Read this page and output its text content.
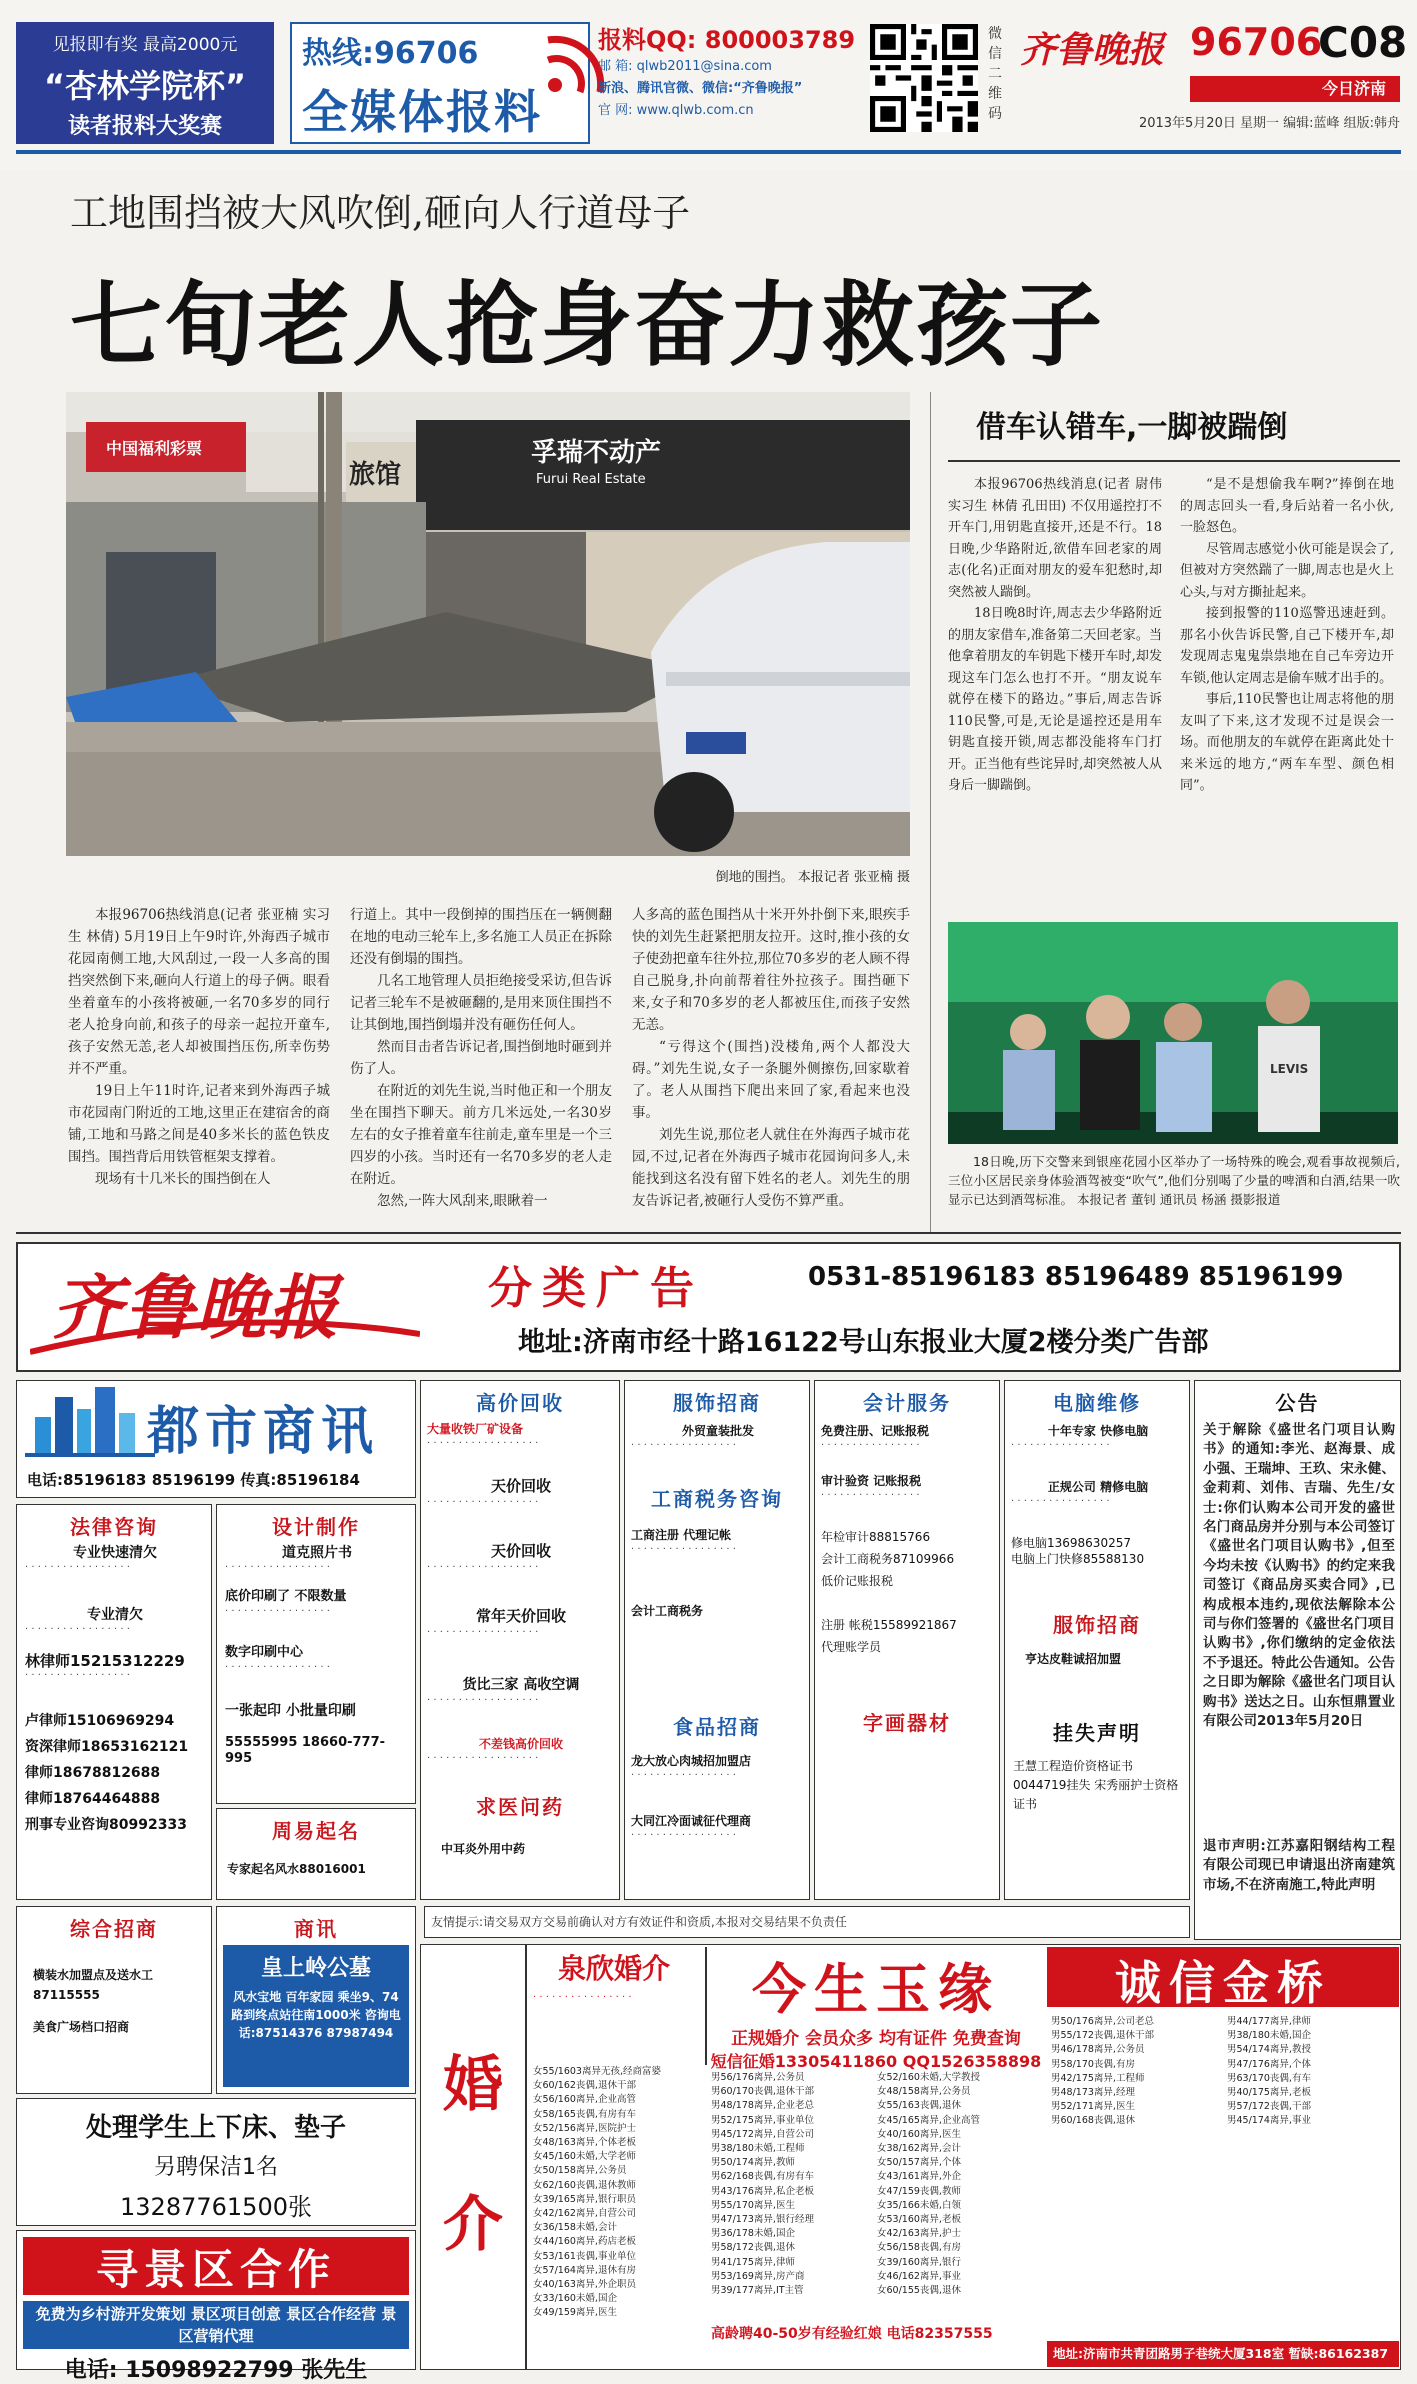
见报即有奖 最高2000元
“杏林学院杯”
读者报料大奖赛
热线:96706
全媒体报料
报料QQ: 800003789
邮 箱: qlwb2011@sina.com
新浪、腾讯官微、微信:“齐鲁晚报”
官 网: www.qlwb.com.cn
微信二维码
齐鲁晚报 96706
C08
今日济南
2013年5月20日 星期一 编辑:蓝峰 组版:韩舟
工地围挡被大风吹倒,砸向人行道母子
七旬老人抢身奋力救孩子
中国福利彩票
旅馆
孚瑞不动产
Furui Real Estate
倒地的围挡。 本报记者 张亚楠 摄

本报96706热线消息(记者 张亚楠 实习生 林倩) 5月19日上午9时许,外海西子城市花园南侧工地,大风刮过,一段一人多高的围挡突然倒下来,砸向人行道上的母子俩。眼看坐着童车的小孩将被砸,一名70多岁的同行老人抢身向前,和孩子的母亲一起拉开童车,孩子安然无恙,老人却被围挡压伤,所幸伤势并不严重。

19日上午11时许,记者来到外海西子城市花园南门附近的工地,这里正在建宿舍的商铺,工地和马路之间是40多米长的蓝色铁皮围挡。围挡背后用铁管框架支撑着。

现场有十几米长的围挡倒在人

行道上。其中一段倒掉的围挡压在一辆侧翻在地的电动三轮车上,多名施工人员正在拆除还没有倒塌的围挡。

几名工地管理人员拒绝接受采访,但告诉记者三轮车不是被砸翻的,是用来顶住围挡不让其倒地,围挡倒塌并没有砸伤任何人。

然而目击者告诉记者,围挡倒地时砸到并伤了人。

在附近的刘先生说,当时他正和一个朋友坐在围挡下聊天。前方几米远处,一名30岁左右的女子推着童车往前走,童车里是一个三四岁的小孩。当时还有一名70多岁的老人走在附近。

忽然,一阵大风刮来,眼瞅着一

人多高的蓝色围挡从十米开外扑倒下来,眼疾手快的刘先生赶紧把朋友拉开。这时,推小孩的女子使劲把童车往外拉,那位70多岁的老人顾不得自己脱身,扑向前帮着往外拉孩子。围挡砸下来,女子和70多岁的老人都被压住,而孩子安然无恙。

“亏得这个(围挡)没楼角,两个人都没大碍。”刘先生说,女子一条腿外侧擦伤,回家歇着了。老人从围挡下爬出来回了家,看起来也没事。

刘先生说,那位老人就住在外海西子城市花园,不过,记者在外海西子城市花园询问多人,未能找到这名没有留下姓名的老人。刘先生的朋友告诉记者,被砸行人受伤不算严重。

借车认错车,一脚被踹倒

本报96706热线消息(记者 尉伟 实习生 林倩 孔田田) 不仅用遥控打不开车门,用钥匙直接开,还是不行。18日晚,少华路附近,欲借车回老家的周志(化名)正面对朋友的爱车犯愁时,却突然被人踹倒。

18日晚8时许,周志去少华路附近的朋友家借车,准备第二天回老家。当他拿着朋友的车钥匙下楼开车时,却发现这车门怎么也打不开。“朋友说车就停在楼下的路边。”事后,周志告诉110民警,可是,无论是遥控还是用车钥匙直接开锁,周志都没能将车门打开。正当他有些诧异时,却突然被人从身后一脚踹倒。

“是不是想偷我车啊?”捧倒在地的周志回头一看,身后站着一名小伙,一脸怒色。

尽管周志感觉小伙可能是误会了,但被对方突然踹了一脚,周志也是火上心头,与对方撕扯起来。

接到报警的110巡警迅速赶到。那名小伙告诉民警,自己下楼开车,却发现周志鬼鬼祟祟地在自己车旁边开车锁,他认定周志是偷车贼才出手的。

事后,110民警也让周志将他的朋友叫了下来,这才发现不过是误会一场。而他朋友的车就停在距离此处十来米远的地方,“两车车型、颜色相同”。

LEVIS
18日晚,历下交警来到银座花园小区举办了一场特殊的晚会,观看事故视频后,三位小区居民亲身体验酒驾被变“吹气”,他们分别喝了少量的啤酒和白酒,结果一吹显示已达到酒驾标准。 本报记者 董钊 通讯员 杨涵 摄影报道
齐鲁晚报	分类广告	0531-85196183 85196489 85196199
地址:济南市经十路16122号山东报业大厦2楼分类广告部
都市商讯
电话:85196183 85196199 传真:85196184
法律咨询
专业快速清欠
· · · · · · · · · · · · · · · · ·
专业清欠
· · · · · · · · · · · · · · · · ·
林律师15215312229
· · · · · · · · · · · · · · · · ·
卢律师15106969294
资深律师18653162121
律师18678812688
律师18764464888
刑事专业咨询80992333
设计制作
道克照片书
· · · · · · · · · · · · · · · · ·
底价印刷了 不限数量
· · · · · · · · · · · · · · · · ·
数字印刷中心
· · · · · · · · · · · · · · · · ·
一张起印 小批量印刷
55555995 18660-777-995
周易起名
专家起名风水88016001
综合招商
横装水加盟点及送水工87115555
美食广场档口招商
商讯
皇上岭公墓
风水宝地 百年家园 乘坐9、74路到终点站往南1000米 咨询电话:87514376 87987494
处理学生上下床、垫子
另聘保洁1名
13287761500张
寻景区合作
免费为乡村游开发策划 景区项目创意 景区合作经营 景区营销代理
电话: 15098922799 张先生
高价回收
大量收铁厂矿设备
· · · · · · · · · · · · · · · · · ·
天价回收
· · · · · · · · · · · · · · · · · ·
天价回收
· · · · · · · · · · · · · · · · · ·
常年天价回收
· · · · · · · · · · · · · · · · · ·
货比三家 高收空调
· · · · · · · · · · · · · · · · · ·
不差钱高价回收
· · · · · · · · · · · · · · · · · ·
求医问药
中耳炎外用中药
服饰招商
外贸童装批发
· · · · · · · · · · · · · · · · ·
工商税务咨询
工商注册 代理记帐
· · · · · · · · · · · · · · · · ·
会计工商税务
食品招商
龙大放心肉城招加盟店
· · · · · · · · · · · · · · · · ·
大同江冷面诚征代理商
· · · · · · · · · · · · · · · · ·
会计服务
免费注册、记账报税
· · · · · · · · · · · · · · · ·
审计验资 记账报税
· · · · · · · · · · · · · · · ·
年检审计88815766
会计工商税务87109966
低价记账报税
注册 帐税15589921867
代理账学员
字画器材
电脑维修
十年专家 快修电脑
· · · · · · · · · · · · · · · ·
正规公司 精修电脑
· · · · · · · · · · · · · · · ·
修电脑13698630257
电脑上门快修85588130
服饰招商
亨达皮鞋诚招加盟
挂失声明
王慧工程造价资格证书0044719挂失 宋秀丽护士资格证书
公告
关于解除《盛世名门项目认购书》的通知:李光、赵海景、成小强、王瑞坤、王玖、宋永健、金莉莉、刘伟、吉瑞、先生/女士:你们认购本公司开发的盛世名门商品房并分别与本公司签订《盛世名门项目认购书》,但至今均未按《认购书》的约定来我司签订《商品房买卖合同》,已构成根本违约,现依法解除本公司与你们签署的《盛世名门项目认购书》,你们缴纳的定金依法不予退还。特此公告通知。公告之日即为解除《盛世名门项目认购书》送达之日。山东恒鼎置业有限公司2013年5月20日
退市声明:江苏嘉阳钢结构工程有限公司现已申请退出济南建筑市场,不在济南施工,特此声明
友情提示:请交易双方交易前确认对方有效证件和资质,本报对交易结果不负责任
婚介
泉欣婚介
· · · · · · · · · · · · · · · ·	今生玉缘
正规婚介 会员众多 均有证件 免费查询
短信征婚13305411860 QQ1526358898
诚信金桥
女55/1603离异无孩,经商富婆
女60/162丧偶,退休干部
女56/160离异,企业高管
女58/165丧偶,有房有车
女52/156离异,医院护士
女48/163离异,个体老板
女45/160未婚,大学老师
女50/158离异,公务员
女62/160丧偶,退休教师
女39/165离异,银行职员
女42/162离异,自营公司
女36/158未婚,会计
女44/160离异,药店老板
女53/161丧偶,事业单位
女57/164离异,退休有房
女40/163离异,外企职员
女33/160未婚,国企
女49/159离异,医生
男56/176离异,公务员
男60/170丧偶,退休干部
男48/178离异,企业老总
男52/175离异,事业单位
男45/172离异,自营公司
男38/180未婚,工程师
男50/174离异,教师
男62/168丧偶,有房有车
男43/176离异,私企老板
男55/170离异,医生
男47/173离异,银行经理
男36/178未婚,国企
男58/172丧偶,退休
男41/175离异,律师
男53/169离异,房产商
男39/177离异,IT主管
女52/160未婚,大学教授
女48/158离异,公务员
女55/163丧偶,退休
女45/165离异,企业高管
女40/160离异,医生
女38/162离异,会计
女50/157离异,个体
女43/161离异,外企
女47/159丧偶,教师
女35/166未婚,白领
女53/160离异,老板
女42/163离异,护士
女56/158丧偶,有房
女39/160离异,银行
女46/162离异,事业
女60/155丧偶,退休
男50/176离异,公司老总
男55/172丧偶,退休干部
男46/178离异,公务员
男58/170丧偶,有房
男42/175离异,工程师
男48/173离异,经理
男52/171离异,医生
男60/168丧偶,退休
男44/177离异,律师
男38/180未婚,国企
男54/174离异,教授
男47/176离异,个体
男63/170丧偶,有车
男40/175离异,老板
男57/172丧偶,干部
男45/174离异,事业
高龄聘40-50岁有经验红娘 电话82357555
地址:济南市共青团路男子巷统大厦318室 暂缺:86162387
